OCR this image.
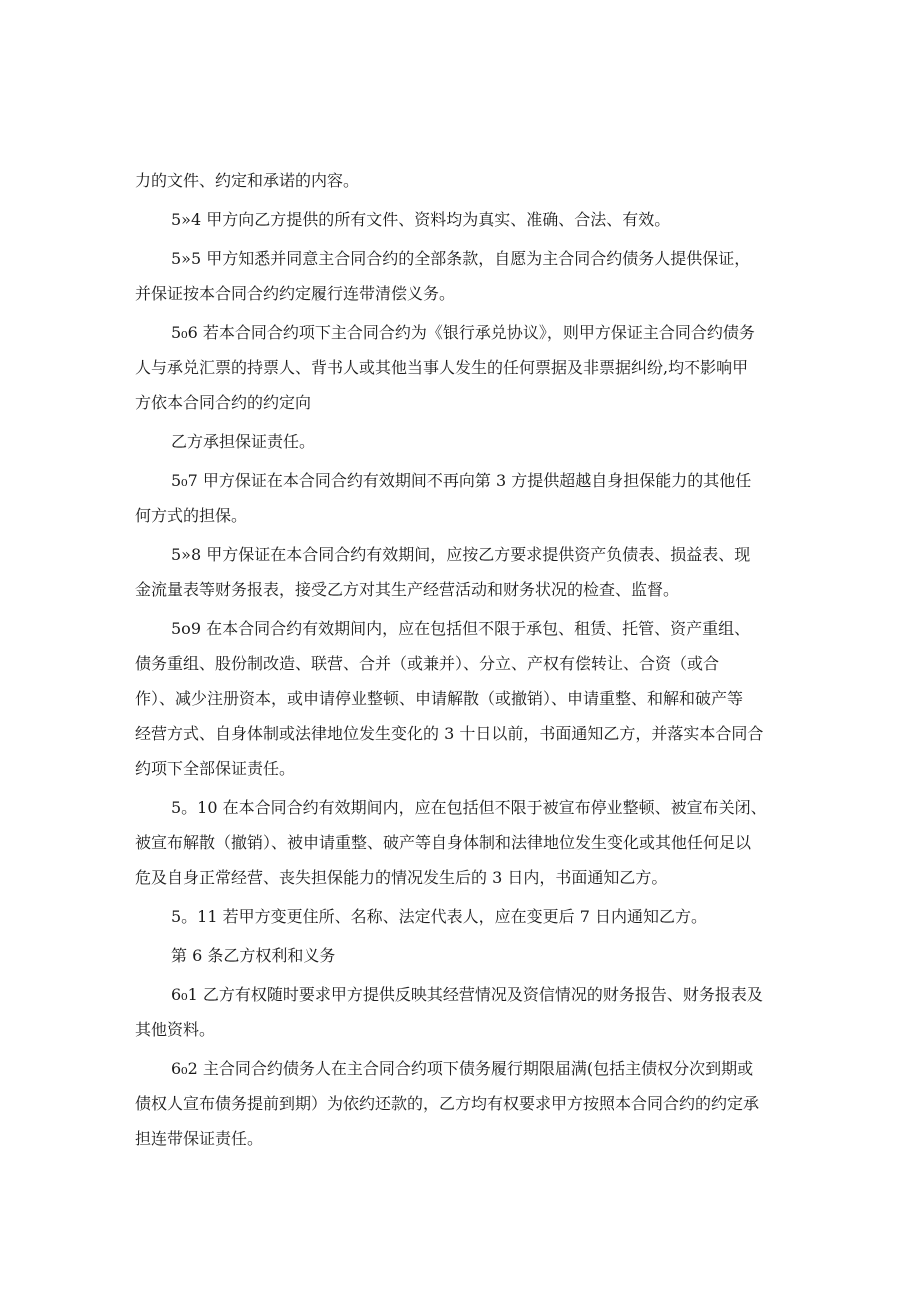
力的文件、约定和承诺的内容。
5»4 甲方向乙方提供的所有文件、资料均为真实、准确、合法、有效。
5»5 甲方知悉并同意主合同合约的全部条款，自愿为主合同合约债务人提供保证，
并保证按本合同合约约定履行连带清偿义务。
5₀6 若本合同合约项下主合同合约为《银行承兑协议》，则甲方保证主合同合约债务
人与承兑汇票的持票人、背书人或其他当事人发生的任何票据及非票据纠纷,均不影响甲
方依本合同合约的约定向
乙方承担保证责任。
5₀7 甲方保证在本合同合约有效期间不再向第 3 方提供超越自身担保能力的其他任
何方式的担保。
5»8 甲方保证在本合同合约有效期间，应按乙方要求提供资产负债表、损益表、现
金流量表等财务报表，接受乙方对其生产经营活动和财务状况的检查、监督。
5o9 在本合同合约有效期间内，应在包括但不限于承包、租赁、托管、资产重组、
债务重组、股份制改造、联营、合并（或兼并）、分立、产权有偿转让、合资（或合
作）、减少注册资本，或申请停业整顿、申请解散（或撤销）、申请重整、和解和破产等
经营方式、自身体制或法律地位发生变化的 3 十日以前，书面通知乙方，并落实本合同合
约项下全部保证责任。
5。10 在本合同合约有效期间内，应在包括但不限于被宣布停业整顿、被宣布关闭、
被宣布解散（撤销）、被申请重整、破产等自身体制和法律地位发生变化或其他任何足以
危及自身正常经营、丧失担保能力的情况发生后的 3 日内，书面通知乙方。
5。11 若甲方变更住所、名称、法定代表人，应在变更后 7 日内通知乙方。
第 6 条乙方权利和义务
6₀1 乙方有权随时要求甲方提供反映其经营情况及资信情况的财务报告、财务报表及
其他资料。
6₀2 主合同合约债务人在主合同合约项下债务履行期限届满(包括主债权分次到期或
债权人宣布债务提前到期）为依约还款的，乙方均有权要求甲方按照本合同合约的约定承
担连带保证责任。
